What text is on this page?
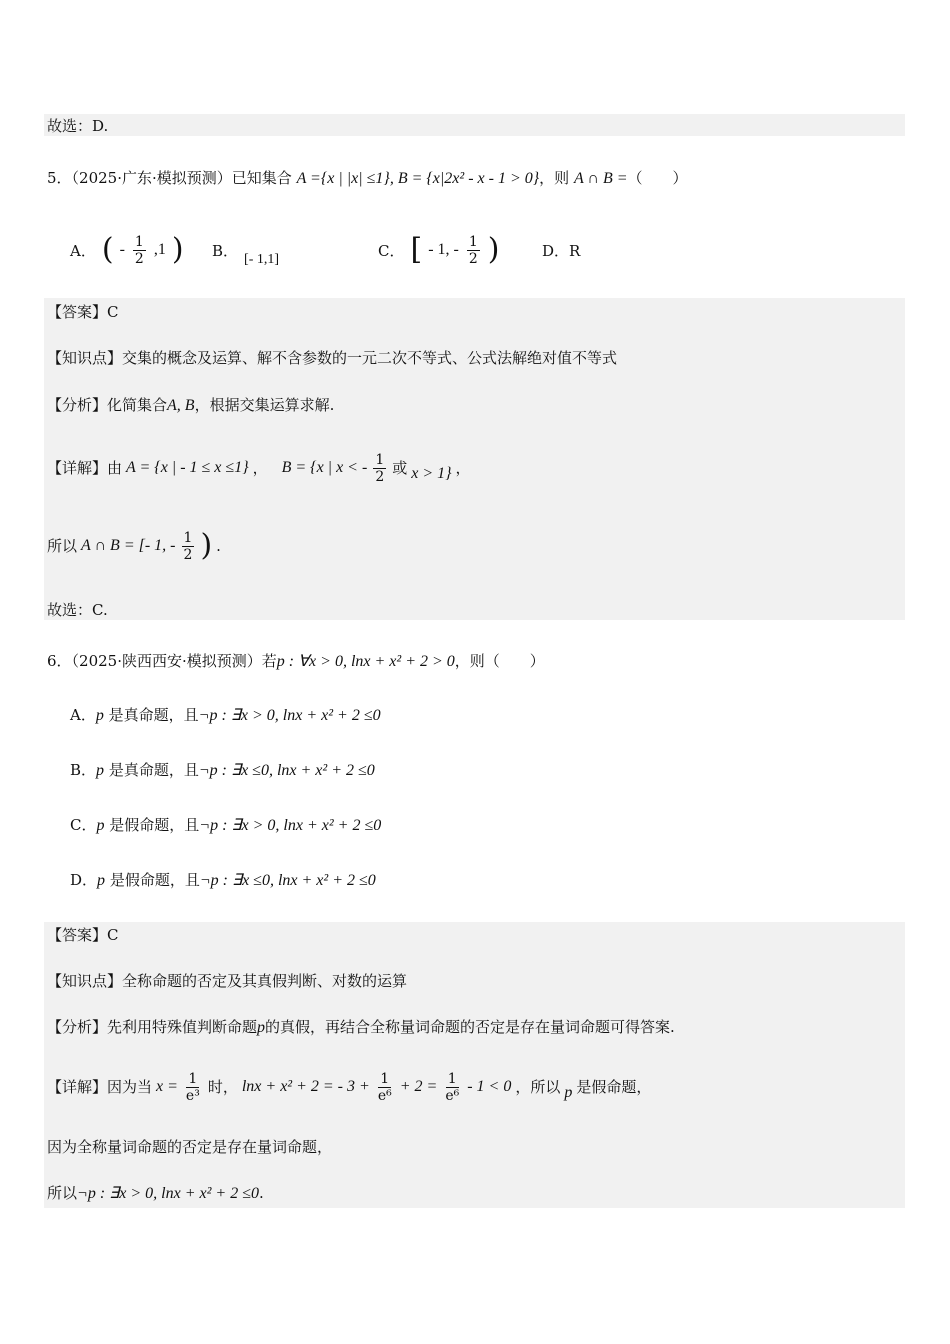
故选：D.
5．（2025·广东·模拟预测）已知集合 A ={x | |x| ≤1}, B = {x|2x² - x - 1 > 0}，则 A ∩ B =（　　）
A． ( - $\frac{1}{2} ,1$ ) B． [- 1,1]	C． [ - 1, - $\frac{1}{2}$ )	D．R
【答案】C
【知识点】交集的概念及运算、解不含参数的一元二次不等式、公式法解绝对值不等式
【分析】化简集合A, B，根据交集运算求解.
【详解】由 A = {x | - 1 ≤ x ≤1} ， B = {x | x < - $\frac{1}{2}$ 或 x > 1} ，
所以 A ∩ B = [- 1, - $\frac{1}{2}$ ) .
故选：C.
6．（2025·陕西西安·模拟预测）若p : ∀x > 0, lnx + x² + 2 > 0，则（　　）
A．p 是真命题，且¬p : ∃x > 0, lnx + x² + 2 ≤0
B．p 是真命题，且¬p : ∃x ≤0, lnx + x² + 2 ≤0
C．p 是假命题，且¬p : ∃x > 0, lnx + x² + 2 ≤0
D．p 是假命题，且¬p : ∃x ≤0, lnx + x² + 2 ≤0
【答案】C
【知识点】全称命题的否定及其真假判断、对数的运算
【分析】先利用特殊值判断命题p的真假，再结合全称量词命题的否定是存在量词命题可得答案.
【详解】因为当 $x = \frac{1}{\text{e³}}$ 时， lnx + x² + 2 = - $3 + \frac{1}{\text{e⁶}} + 2 = \frac{1}{\text{e⁶}} - 1 < 0$ ，所以 p 是假命题，
因为全称量词命题的否定是存在量词命题，
所以¬p : ∃x > 0, lnx + x² + 2 ≤0.
